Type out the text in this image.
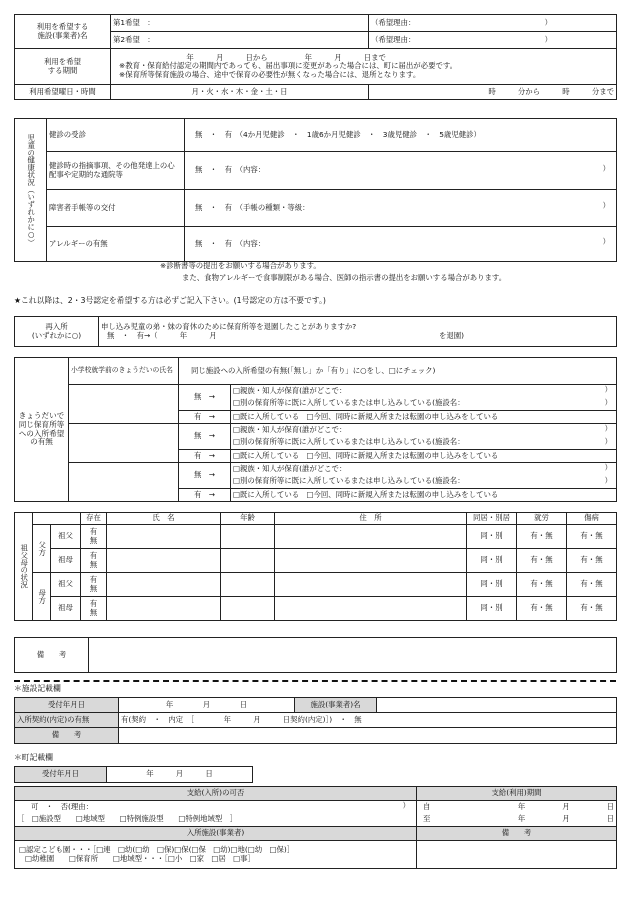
利用を希望する
施設(事業者)名	第1希望　：	（希望理由：　　　　　　　　　　　　　　　　　　）
	第2希望　：	（希望理由：　　　　　　　　　　　　　　　　　　）
利用を希望
する期間	　年　　　月　　　日から　　　　　年　　　月　　　日まで
※教育・保育給付認定の期間内であっても、届出事項に変更があった場合には、町に届出が必要です。
※保育所等保育施設の場合、途中で保育の必要性が無くなった場合には、退所となります。	

利用希望曜日・時間	月・火・水・木・金・土・日	時　　　分から　　　時　　　分まで
児童の健康状況（いずれかに○）	健診の受診	無　・　有　（4か月児健診　・　1歳6か月児健診　・　3歳児健診　・　5歳児健診）
	健診時の指摘事項、その他発達上の心配事や定期的な通院等	無　・　有　（内容： ）

	障害者手帳等の交付	無　・　有　（手帳の種類・等級： ）

	アレルギーの有無	無　・　有　（内容： ）
※診断書等の提出をお願いする場合があります。
また、食物アレルギーで食事制限がある場合、医師の指示書の提出をお願いする場合があります。
★これ以降は、2・3号認定を希望する方は必ずご記入下さい。(1号認定の方は不要です。)
再入所
(いずれかに○)	
申し込み児童の弟・妹の育休のために保育所等を退園したことがありますか?
無　・　有→（　　　年　　　月	を退園)
きょうだいで同じ保育所等への入所希望の有無	小学校就学前のきょうだいの氏名	同じ施設への入所希望の有無(「無し」か「有り」に○をし、□にチェック)	
		無　→	□親族・知人が保育(誰がどこで： ）

			□別の保育所等に既に入所しているまたは申し込みしている(施設名： ）

		有　→	□既に入所している　□今回、同時に新規入所または転園の申し込みをしている
		無　→	□親族・知人が保育(誰がどこで： ）

			□別の保育所等に既に入所しているまたは申し込みしている(施設名： ）

		有　→	□既に入所している　□今回、同時に新規入所または転園の申し込みをしている
		無　→	□親族・知人が保育(誰がどこで： ）

			□別の保育所等に既に入所しているまたは申し込みしている(施設名： ）

		有　→	□既に入所している　□今回、同時に新規入所または転園の申し込みをしている
祖父母の状況			存在	氏　名	年齢	住　所	同居・別居	就労	傷病

	父方	祖父	有
無				同・別	有・無	有・無
		祖母	有
無				同・別	有・無	有・無

	母方	祖父	有
無				同・別	有・無	有・無
		祖母	有
無				同・別	有・無	有・無
備　　考	
＊施設記載欄
受付年月日	年　　　　月　　　　日	施設(事業者)名	
入所契約(内定)の有無	有(契約　・　内定　［　　　　年　　　月　　　日契約(内定)］)　・　無		
備　　考			
＊町記載欄
受付年月日	年　　　月　　　日
支給(入所)の可否	支給(利用)期間	
可　・　否(理由： ）	自	年　　　　　月　　　　　日
［　□施設型　　□地域型　　□特例施設型　　□特例地域型　］	至	年　　　　　月　　　　　日
入所施設(事業者)	備　　考	

□認定こども園・・・［□連　□幼(□幼　□保)□保(□保　□幼)□地(□幼　□保)］
□幼稚園　　□保育所　　□地域型・・・［□小　□家　□居　□事］		
